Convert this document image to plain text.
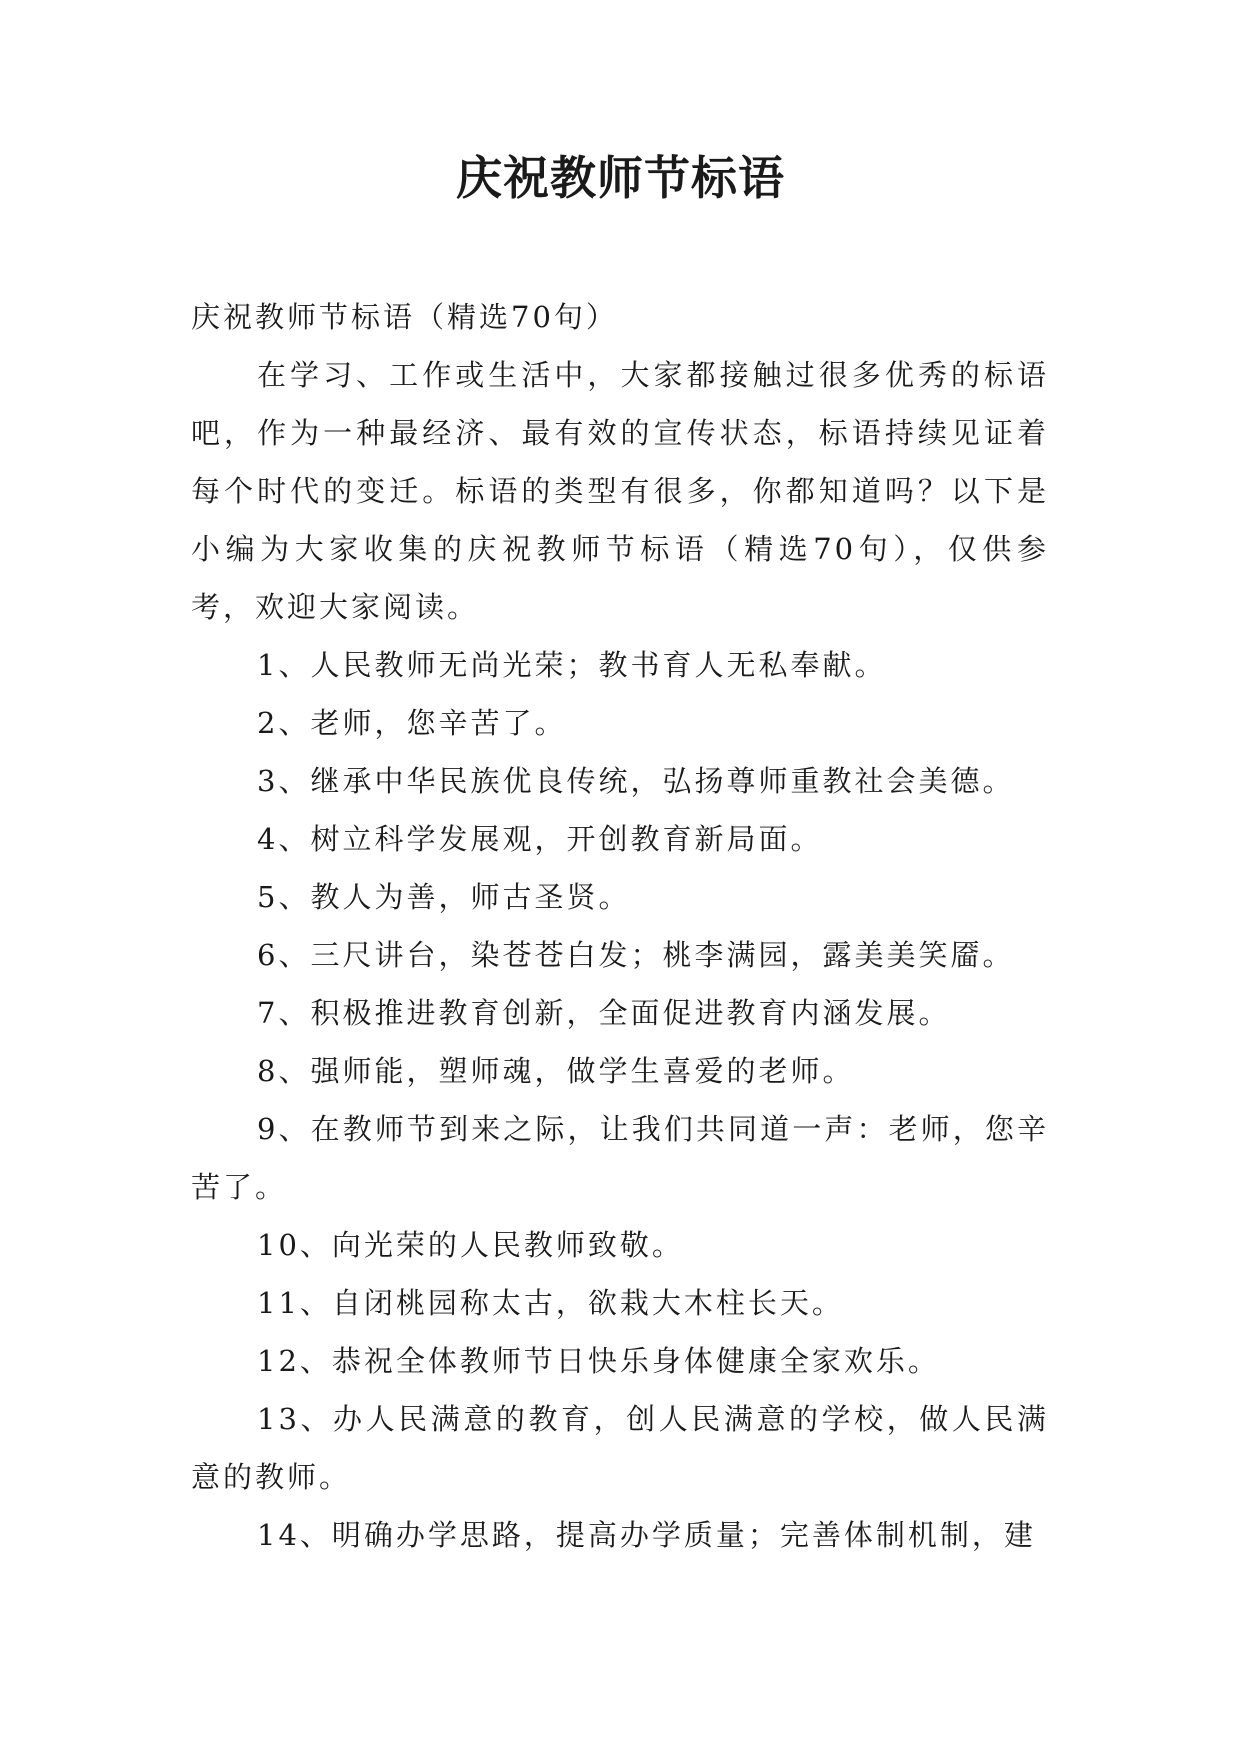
庆祝教师节标语

庆祝教师节标语（精选70句）

在学习、工作或生活中，大家都接触过很多优秀的标语吧，作为一种最经济、最有效的宣传状态，标语持续见证着每个时代的变迁。标语的类型有很多，你都知道吗？以下是小编为大家收集的庆祝教师节标语（精选70句），仅供参考，欢迎大家阅读。

1、人民教师无尚光荣；教书育人无私奉献。

2、老师，您辛苦了。

3、继承中华民族优良传统，弘扬尊师重教社会美德。

4、树立科学发展观，开创教育新局面。

5、教人为善，师古圣贤。

6、三尺讲台，染苍苍白发；桃李满园，露美美笑靥。

7、积极推进教育创新，全面促进教育内涵发展。

8、强师能，塑师魂，做学生喜爱的老师。

9、在教师节到来之际，让我们共同道一声：老师，您辛苦了。

10、向光荣的人民教师致敬。

11、自闭桃园称太古，欲栽大木柱长天。

12、恭祝全体教师节日快乐身体健康全家欢乐。

13、办人民满意的教育，创人民满意的学校，做人民满意的教师。

14、明确办学思路，提高办学质量；完善体制机制，建
